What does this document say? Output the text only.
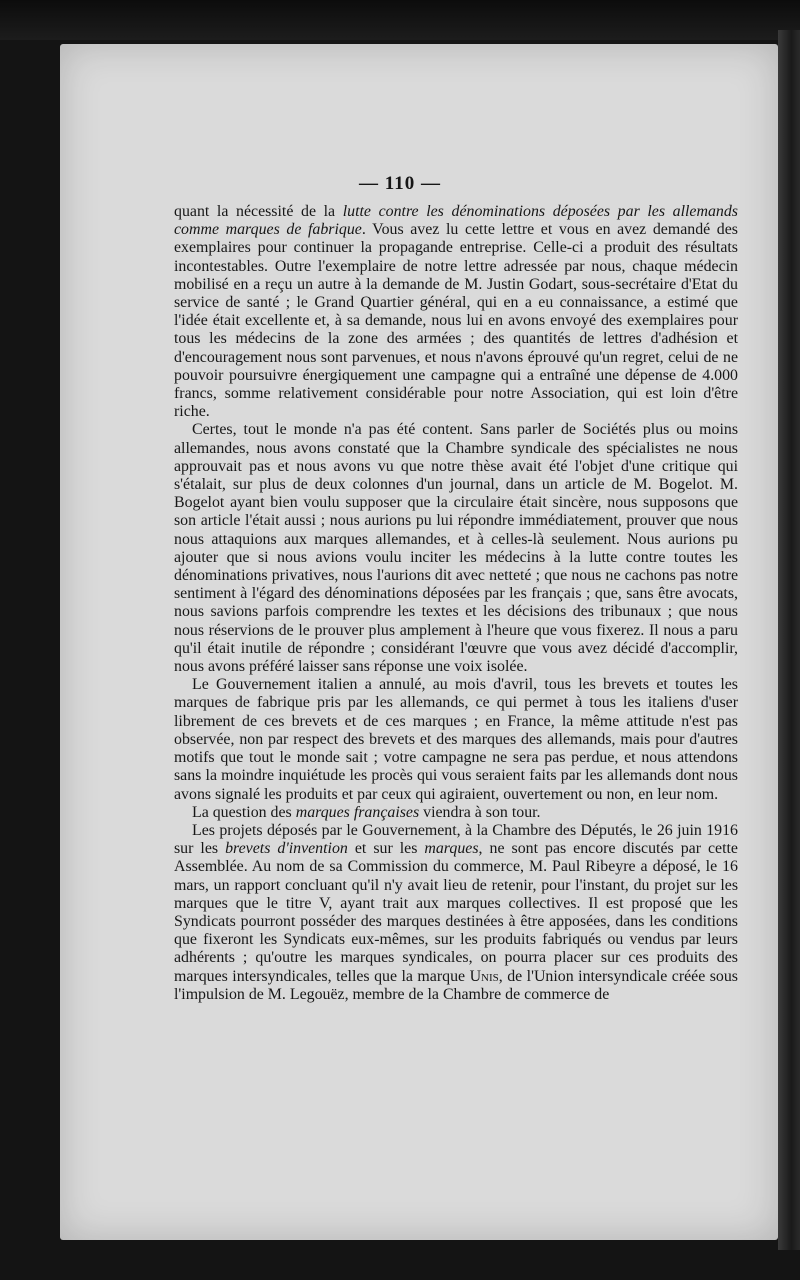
— 110 —

quant la nécessité de la lutte contre les dénominations déposées par les allemands comme marques de fabrique. Vous avez lu cette lettre et vous en avez demandé des exemplaires pour continuer la propagande entreprise. Celle-ci a produit des résultats incontestables. Outre l'exemplaire de notre lettre adressée par nous, chaque médecin mobilisé en a reçu un autre à la demande de M. Justin Godart, sous-secrétaire d'Etat du service de santé ; le Grand Quartier général, qui en a eu connaissance, a estimé que l'idée était excellente et, à sa demande, nous lui en avons envoyé des exemplaires pour tous les médecins de la zone des armées ; des quantités de lettres d'adhésion et d'encouragement nous sont parvenues, et nous n'avons éprouvé qu'un regret, celui de ne pouvoir poursuivre énergiquement une campagne qui a entraîné une dépense de 4.000 francs, somme relativement considérable pour notre Association, qui est loin d'être riche.

Certes, tout le monde n'a pas été content. Sans parler de Sociétés plus ou moins allemandes, nous avons constaté que la Chambre syndicale des spécialistes ne nous approuvait pas et nous avons vu que notre thèse avait été l'objet d'une critique qui s'étalait, sur plus de deux colonnes d'un journal, dans un article de M. Bogelot. M. Bogelot ayant bien voulu supposer que la circulaire était sincère, nous supposons que son article l'était aussi ; nous aurions pu lui répondre immédiatement, prouver que nous nous attaquions aux marques allemandes, et à celles-là seulement. Nous aurions pu ajouter que si nous avions voulu inciter les médecins à la lutte contre toutes les dénominations privatives, nous l'aurions dit avec netteté ; que nous ne cachons pas notre sentiment à l'égard des dénominations déposées par les français ; que, sans être avocats, nous savions parfois comprendre les textes et les décisions des tribunaux ; que nous nous réservions de le prouver plus amplement à l'heure que vous fixerez. Il nous a paru qu'il était inutile de répondre ; considérant l'œuvre que vous avez décidé d'accomplir, nous avons préféré laisser sans réponse une voix isolée.

Le Gouvernement italien a annulé, au mois d'avril, tous les brevets et toutes les marques de fabrique pris par les allemands, ce qui permet à tous les italiens d'user librement de ces brevets et de ces marques ; en France, la même attitude n'est pas observée, non par respect des brevets et des marques des allemands, mais pour d'autres motifs que tout le monde sait ; votre campagne ne sera pas perdue, et nous attendons sans la moindre inquiétude les procès qui vous seraient faits par les allemands dont nous avons signalé les produits et par ceux qui agiraient, ouvertement ou non, en leur nom.

La question des marques françaises viendra à son tour.

Les projets déposés par le Gouvernement, à la Chambre des Députés, le 26 juin 1916 sur les brevets d'invention et sur les marques, ne sont pas encore discutés par cette Assemblée. Au nom de sa Commission du commerce, M. Paul Ribeyre a déposé, le 16 mars, un rapport concluant qu'il n'y avait lieu de retenir, pour l'instant, du projet sur les marques que le titre V, ayant trait aux marques collectives. Il est proposé que les Syndicats pourront posséder des marques destinées à être apposées, dans les conditions que fixeront les Syndicats eux-mêmes, sur les produits fabriqués ou vendus par leurs adhérents ; qu'outre les marques syndicales, on pourra placer sur ces produits des marques intersyndicales, telles que la marque Unis, de l'Union intersyndicale créée sous l'impulsion de M. Legouëz, membre de la Chambre de commerce de
